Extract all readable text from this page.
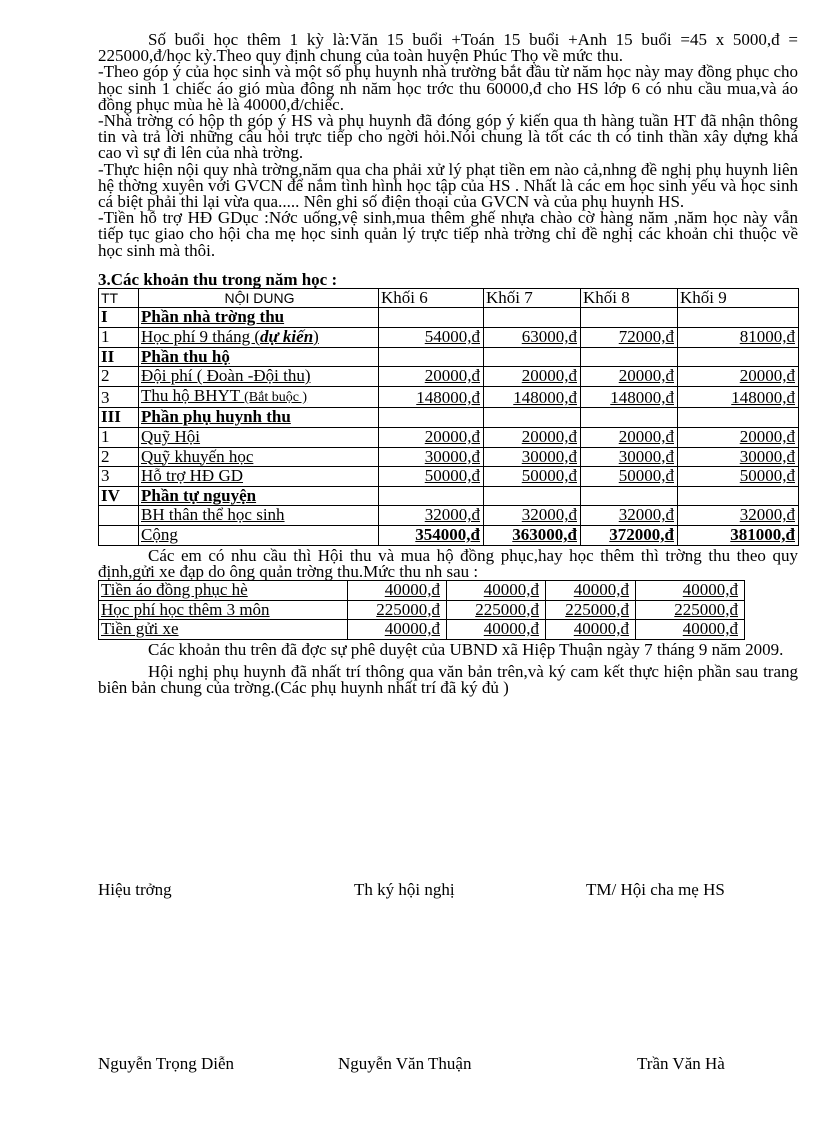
Số buổi học thêm 1 kỳ là:Văn 15 buổi +Toán 15 buổi +Anh 15 buổi =45 x 5000,đ = 225000,đ/học kỳ.Theo quy định chung của toàn huyện Phúc Thọ về mức thu.

-Theo góp ý của học sinh và một số phụ huynh nhà trường bắt đầu từ năm học này may đồng phục cho học sinh 1 chiếc áo gió mùa đông nh năm học trớc thu 60000,đ cho HS lớp 6 có nhu cầu mua,và áo đồng phục mùa hè là 40000,đ/chiếc.

-Nhà trờng có hộp th góp ý HS và phụ huynh đã đóng góp ý kiến qua th hàng tuần HT đã nhận thông tin và trả lời những câu hỏi trực tiếp cho ngời hỏi.Nói chung là tốt các th có tinh thần xây dựng khá cao vì sự đi lên của nhà trờng.

-Thực hiện nội quy nhà trờng,năm qua cha phải xử lý phạt tiền em nào cả,nhng đề nghị phụ huynh liên hệ thờng xuyên với GVCN để nắm tình hình học tập của HS . Nhất là các em học sinh yếu và học sinh cá biệt phải thi lại vừa qua..... Nên ghi số điện thoại của GVCN và của phụ huynh HS.

-Tiền hỗ trợ HĐ GDục :Nớc uống,vệ sinh,mua thêm ghế nhựa chào cờ hàng năm ,năm học này vẫn tiếp tục giao cho hội cha mẹ học sinh quản lý trực tiếp nhà trờng chỉ đề nghị các khoản chi thuộc về học sinh mà thôi.

3.Các khoản thu trong năm học :
TT	NỘI DUNG	Khối 6	Khối 7	Khối 8	Khối 9
I	Phần nhà trờng thu				
1	Học phí 9 tháng (dự kiến)	54000,đ	63000,đ	72000,đ	81000,đ
II	Phần thu hộ				
2	Đội phí ( Đoàn -Đội thu)	20000,đ	20000,đ	20000,đ	20000,đ
3	Thu hộ BHYT (Bắt buộc )	148000,đ	148000,đ	148000,đ	148000,đ
III	Phần phụ huynh thu				
1	Quỹ Hội	20000,đ	20000,đ	20000,đ	20000,đ
2	Quỹ khuyến học	30000,đ	30000,đ	30000,đ	30000,đ
3	Hỗ trợ HĐ GD	50000,đ	50000,đ	50000,đ	50000,đ
IV	Phần tự nguyện				
	BH thân thể học sinh	32000,đ	32000,đ	32000,đ	32000,đ
	Cộng	354000,đ	363000,đ	372000,đ	381000,đ

Các em có nhu cầu thì Hội thu và mua hộ đồng phục,hay học thêm thì trờng thu theo quy định,gửi xe đạp do ông quản trờng thu.Mức thu nh sau :

Tiền áo đồng phục hè	40000,đ	40000,đ	40000,đ	40000,đ
Học phí học thêm 3 môn	225000,đ	225000,đ	225000,đ	225000,đ
Tiền gửi xe	40000,đ	40000,đ	40000,đ	40000,đ

Các khoản thu trên đã đợc sự phê duyệt của UBND xã Hiệp Thuận ngày 7 tháng 9 năm 2009.

Hội nghị phụ huynh đã nhất trí thông qua văn bản trên,và ký cam kết thực hiện phần sau trang biên bản chung của trờng.(Các phụ huynh nhất trí đã ký đủ )

Hiệu trởng	Th ký hội nghị	TM/ Hội cha mẹ HS
Nguyễn Trọng Diễn	Nguyễn Văn Thuận	Trần Văn Hà
